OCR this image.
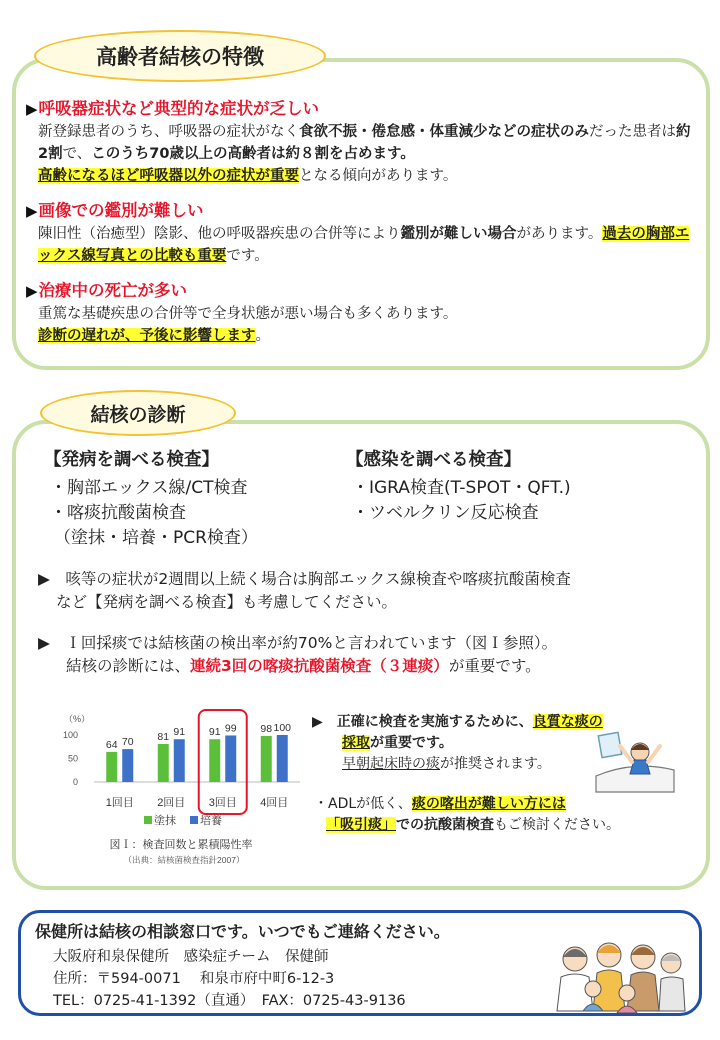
高齢者結核の特徴
▶ 呼吸器症状など典型的な症状が乏しい

新登録患者のうち、呼吸器の症状がなく食欲不振・倦怠感・体重減少などの症状のみだった患者は約2割で、このうち70歳以上の高齢者は約８割を占めます。
高齢になるほど呼吸器以外の症状が重要となる傾向があります。

▶ 画像での鑑別が難しい

陳旧性（治癒型）陰影、他の呼吸器疾患の合併等により鑑別が難しい場合があります。過去の胸部エックス線写真との比較も重要です。

▶ 治療中の死亡が多い

重篤な基礎疾患の合併等で全身状態が悪い場合も多くあります。
診断の遅れが、予後に影響します。

結核の診断
【発病を調べる検査】
・胸部エックス線/CT検査
・喀痰抗酸菌検査
（塗抹・培養・PCR検査）
【感染を調べる検査】
・IGRA検査(T-SPOT・QFT.)
・ツベルクリン反応検査
▶　咳等の症状が2週間以上続く場合は胸部エックス線検査や喀痰抗酸菌検査
など【発病を調べる検査】も考慮してください。
▶　Ｉ回採痰では結核菌の検出率が約70%と言われています（図Ｉ参照）。
結核の診断には、連続3回の喀痰抗酸菌検査（３連痰）が重要です。
（%）
100
50
0
64 70
1回目
81 91
2回目
91 99
3回目
98 100
4回目
塗抹 培養
図Ｉ：検査回数と累積陽性率
（出典：結核菌検査指針2007）
▶ 正確に検査を実施するために、良質な痰の
採取が重要です。
早朝起床時の痰が推奨されます。
・ADLが低く、痰の喀出が難しい方には
「吸引痰」での抗酸菌検査もご検討ください。
保健所は結核の相談窓口です。いつでもご連絡ください。
大阪府和泉保健所　感染症チーム　保健師
住所：〒594-0071　 和泉市府中町6-12-3
TEL：0725-41-1392（直通）　FAX：0725-43-9136
